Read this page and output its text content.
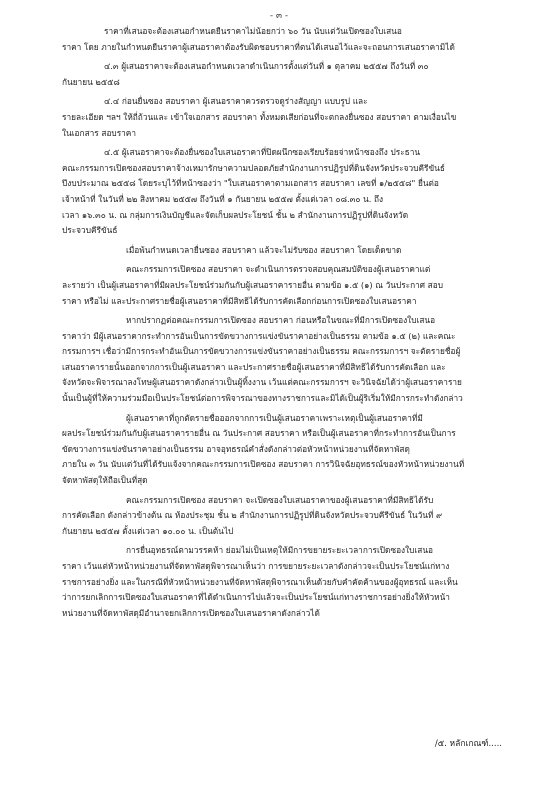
- ๓ -

ราคาที่เสนอจะต้องเสนอกำหนดยืนราคาไม่น้อยกว่า ๖๐ วัน นับแต่วันเปิดซองใบเสนอ

ราคา โดย ภายในกำหนดยืนราคาผู้เสนอราคาต้องรับผิดชอบราคาที่ตนได้เสนอไว้และจะถอนการเสนอราคามิได้

๔.๓ ผู้เสนอราคาจะต้องเสนอกำหนดเวลาดำเนินการตั้งแต่วันที่ ๑ ตุลาคม ๒๕๕๗ ถึงวันที่ ๓๐

กันยายน ๒๕๕๘

๔.๔ ก่อนยื่นซอง สอบราคา ผู้เสนอราคาควรตรวจดูร่างสัญญา แบบรูป และ

รายละเอียด ฯลฯ ให้ถี่ถ้วนและ เข้าใจเอกสาร สอบราคา ทั้งหมดเสียก่อนที่จะตกลงยื่นซอง สอบราคา ตามเงื่อนไข

ในเอกสาร สอบราคา

๔.๕ ผู้เสนอราคาจะต้องยื่นซองใบเสนอราคาที่ปิดผนึกซองเรียบร้อยจ่าหน้าซองถึง ประธาน

คณะกรรมการเปิดซองสอบราคาจ้างเหมารักษาความปลอดภัยสำนักงานการปฏิรูปที่ดินจังหวัดประจวบคีรีขันธ์

ปีงบประมาณ ๒๕๕๘ โดยระบุไว้ที่หน้าซองว่า "ใบเสนอราคาตามเอกสาร สอบราคา เลขที่ ๑/๒๕๕๘" ยื่นต่อ

เจ้าหน้าที่ ในวันที่ ๒๒ สิงหาคม ๒๕๕๗ ถึงวันที่ ๑ กันยายน ๒๕๕๗ ตั้งแต่เวลา ๐๘.๓๐ น. ถึง

เวลา ๑๖.๓๐ น. ณ กลุ่มการเงินบัญชีและจัดเก็บผลประโยชน์ ชั้น ๒ สำนักงานการปฏิรูปที่ดินจังหวัด

ประจวบคีรีขันธ์

เมื่อพ้นกำหนดเวลายื่นซอง สอบราคา แล้วจะไม่รับซอง สอบราคา โดยเด็ดขาด

คณะกรรมการเปิดซอง สอบราคา จะดำเนินการตรวจสอบคุณสมบัติของผู้เสนอราคาแต่

ละรายว่า เป็นผู้เสนอราคาที่มีผลประโยชน์ร่วมกันกับผู้เสนอราคารายอื่น ตามข้อ ๑.๕ (๑) ณ วันประกาศ สอบ

ราคา หรือไม่ และประกาศรายชื่อผู้เสนอราคาที่มีสิทธิได้รับการคัดเลือกก่อนการเปิดซองใบเสนอราคา

หากปรากฏต่อคณะกรรมการเปิดซอง สอบราคา ก่อนหรือในขณะที่มีการเปิดซองใบเสนอ

ราคาว่า มีผู้เสนอราคากระทำการอันเป็นการขัดขวางการแข่งขันราคาอย่างเป็นธรรม ตามข้อ ๑.๕ (๒) และคณะ

กรรมการฯ เชื่อว่ามีการกระทำอันเป็นการขัดขวางการแข่งขันราคาอย่างเป็นธรรม คณะกรรมการฯ จะตัดรายชื่อผู้

เสนอราคารายนั้นออกจากการเป็นผู้เสนอราคา และประกาศรายชื่อผู้เสนอราคาที่มีสิทธิได้รับการคัดเลือก และ

จังหวัดจะพิจารณาลงโทษผู้เสนอราคาดังกล่าวเป็นผู้ทิ้งงาน เว้นแต่คณะกรรมการฯ จะวินิจฉัยได้ว่าผู้เสนอราคาราย

นั้นเป็นผู้ที่ให้ความร่วมมือเป็นประโยชน์ต่อการพิจารณาของทางราชการและมิได้เป็นผู้ริเริ่มให้มีการกระทำดังกล่าว

ผู้เสนอราคาที่ถูกตัดรายชื่อออกจากการเป็นผู้เสนอราคาเพราะเหตุเป็นผู้เสนอราคาที่มี

ผลประโยชน์ร่วมกันกับผู้เสนอราคารายอื่น ณ วันประกาศ สอบราคา หรือเป็นผู้เสนอราคาที่กระทำการอันเป็นการ

ขัดขวางการแข่งขันราคาอย่างเป็นธรรม อาจอุทธรณ์คำสั่งดังกล่าวต่อหัวหน้าหน่วยงานที่จัดหาพัสดุ

ภายใน ๓ วัน นับแต่วันที่ได้รับแจ้งจากคณะกรรมการเปิดซอง สอบราคา การวินิจฉัยอุทธรณ์ของหัวหน้าหน่วยงานที่

จัดหาพัสดุให้ถือเป็นที่สุด

คณะกรรมการเปิดซอง สอบราคา จะเปิดซองใบเสนอราคาของผู้เสนอราคาที่มีสิทธิได้รับ

การคัดเลือก ดังกล่าวข้างต้น ณ ห้องประชุม ชั้น ๒ สำนักงานการปฏิรูปที่ดินจังหวัดประจวบคีรีขันธ์ ในวันที่ ๙

กันยายน ๒๕๕๗ ตั้งแต่เวลา ๑๐.๐๐ น. เป็นต้นไป

การยื่นอุทธรณ์ตามวรรคห้า ย่อมไม่เป็นเหตุให้มีการขยายระยะเวลาการเปิดซองใบเสนอ

ราคา เว้นแต่หัวหน้าหน่วยงานที่จัดหาพัสดุพิจารณาเห็นว่า การขยายระยะเวลาดังกล่าวจะเป็นประโยชน์แก่ทาง

ราชการอย่างยิ่ง และในกรณีที่หัวหน้าหน่วยงานที่จัดหาพัสดุพิจารณาเห็นด้วยกับคำคัดค้านของผู้อุทธรณ์ และเห็น

ว่าการยกเลิกการเปิดซองใบเสนอราคาที่ได้ดำเนินการไปแล้วจะเป็นประโยชน์แก่ทางราชการอย่างยิ่งให้หัวหน้า

หน่วยงานที่จัดหาพัสดุมีอำนาจยกเลิกการเปิดซองใบเสนอราคาดังกล่าวได้

/๕. หลักเกณฑ์.....
